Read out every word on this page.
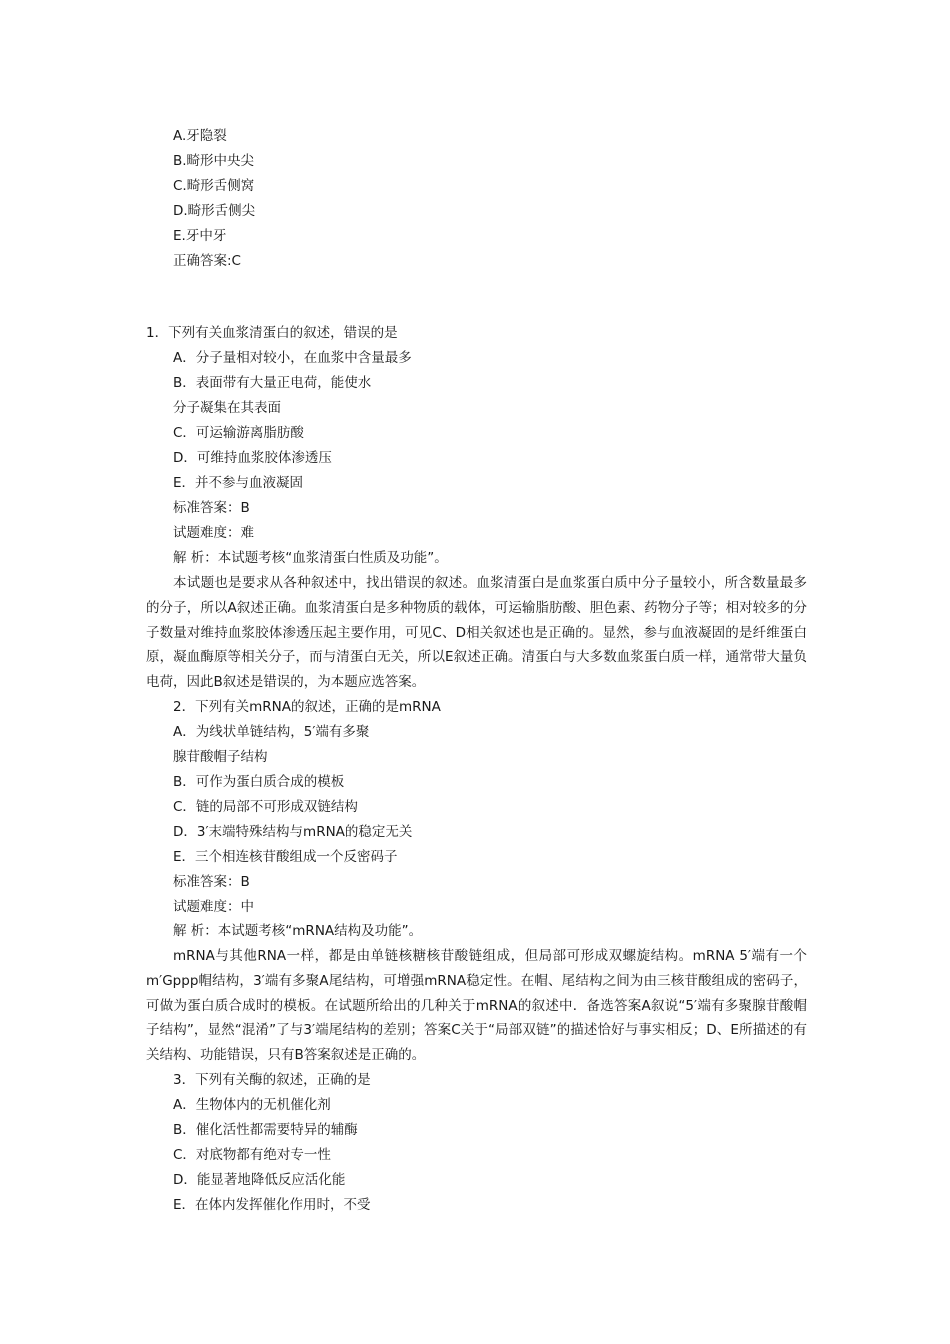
A.牙隐裂
B.畸形中央尖
C.畸形舌侧窝
D.畸形舌侧尖
E.牙中牙
正确答案:C
1．下列有关血浆清蛋白的叙述，错误的是
A．分子量相对较小，在血浆中含量最多
B．表面带有大量正电荷，能使水
分子凝集在其表面
C．可运输游离脂肪酸
D．可维持血浆胶体渗透压
E．并不参与血液凝固
标准答案：B
试题难度：难
解 析：本试题考核“血浆清蛋白性质及功能”。
本试题也是要求从各种叙述中，找出错误的叙述。血浆清蛋白是血浆蛋白质中分子量较小，所含数量最多的分子，所以A叙述正确。血浆清蛋白是多种物质的载体，可运输脂肪酸、胆色素、药物分子等；相对较多的分子数量对维持血浆胶体渗透压起主要作用，可见C、D相关叙述也是正确的。显然，参与血液凝固的是纤维蛋白原，凝血酶原等相关分子，而与清蛋白无关，所以E叙述正确。清蛋白与大多数血浆蛋白质一样，通常带大量负电荷，因此B叙述是错误的，为本题应选答案。
2．下列有关mRNA的叙述，正确的是mRNA
A．为线状单链结构，5′端有多聚
腺苷酸帽子结构
B．可作为蛋白质合成的模板
C．链的局部不可形成双链结构
D．3′末端特殊结构与mRNA的稳定无关
E．三个相连核苷酸组成一个反密码子
标准答案：B
试题难度：中
解 析：本试题考核“mRNA结构及功能”。
mRNA与其他RNA一样，都是由单链核糖核苷酸链组成，但局部可形成双螺旋结构。mRNA 5′端有一个m′Gppp帽结构，3′端有多聚A尾结构，可增强mRNA稳定性。在帽、尾结构之间为由三核苷酸组成的密码子，可做为蛋白质合成时的模板。在试题所给出的几种关于mRNA的叙述中．备选答案A叙说“5′端有多聚腺苷酸帽子结构”，显然“混淆”了与3′端尾结构的差别；答案C关于“局部双链”的描述恰好与事实相反；D、E所描述的有关结构、功能错误，只有B答案叙述是正确的。
3．下列有关酶的叙述，正确的是
A．生物体内的无机催化剂
B．催化活性都需要特异的辅酶
C．对底物都有绝对专一性
D．能显著地降低反应活化能
E．在体内发挥催化作用时，不受
